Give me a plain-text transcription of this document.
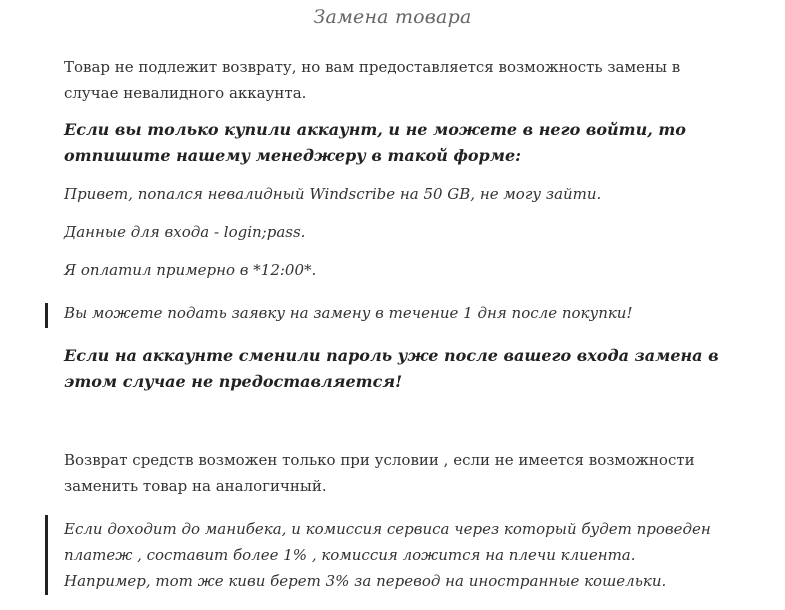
Замена товара

Товар не подлежит возврату, но вам предоставляется возможность замены в
случае невалидного аккаунта.

Если вы только купили аккаунт, и не можете в него войти, то
отпишите нашему менеджеру в такой форме:

Привет, попался невалидный Windscribe на 50 GB, не могу зайти.

Данные для входа - login;pass.

Я оплатил примерно в *12:00*.

Вы можете подать заявку на замену в течение 1 дня после покупки!

Если на аккаунте сменили пароль уже после вашего входа замена в
этом случае не предоставляется!

Возврат средств возможен только при условии , если не имеется возможности
заменить товар на аналогичный.

Если доходит до манибека, и комиссия сервиса через который будет проведен
платеж , составит более 1% , комиссия ложится на плечи клиента.
Например, тот же киви берет 3% за перевод на иностранные кошельки.
